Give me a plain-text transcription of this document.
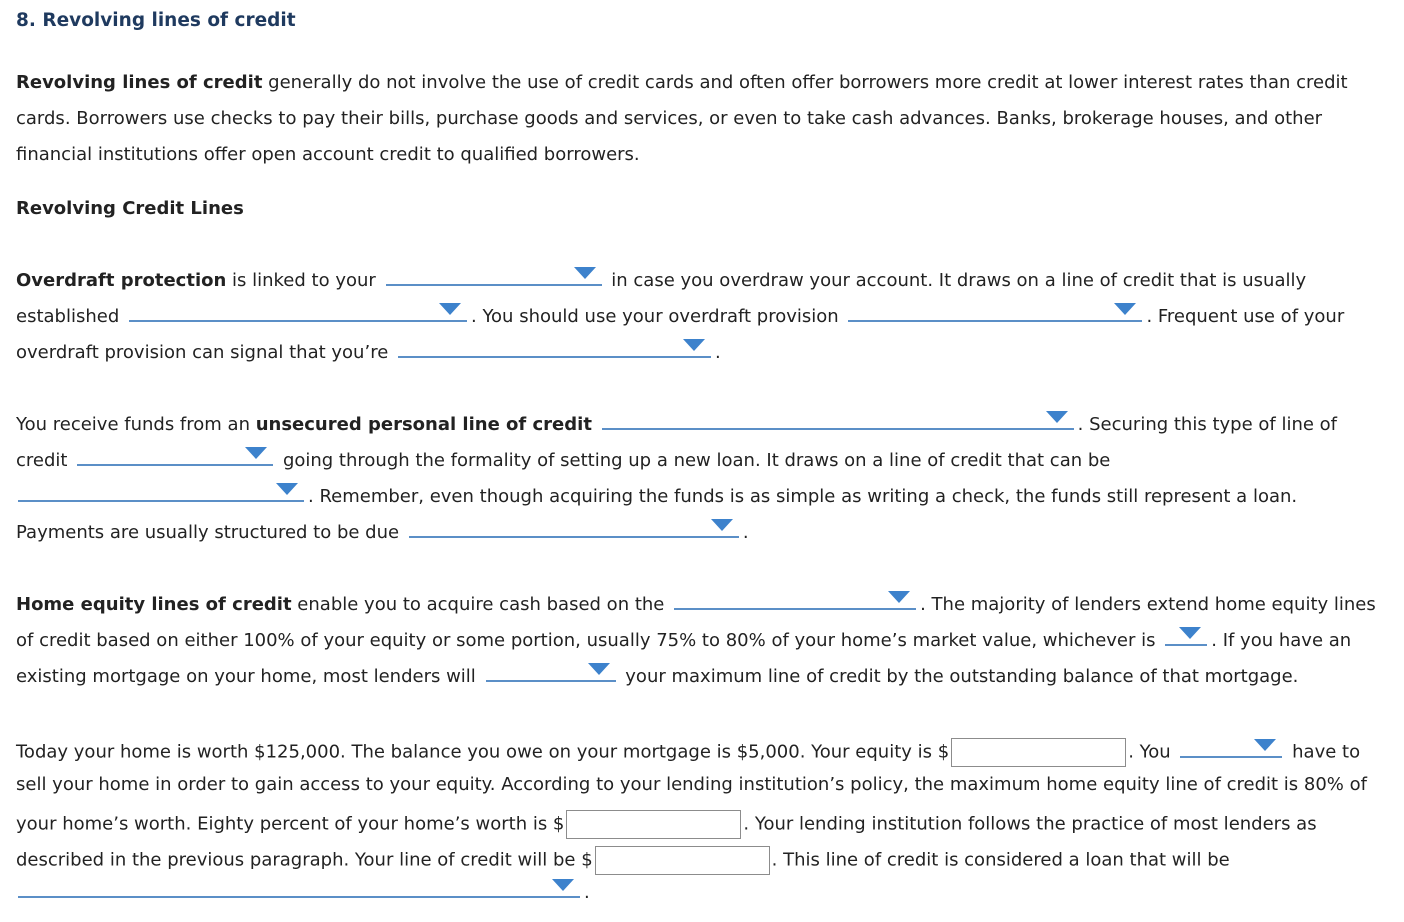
8. Revolving lines of credit
Revolving lines of credit generally do not involve the use of credit cards and often offer borrowers more credit at lower interest rates than credit
cards. Borrowers use checks to pay their bills, purchase goods and services, or even to take cash advances. Banks, brokerage houses, and other
financial institutions offer open account credit to qualified borrowers.
Revolving Credit Lines
Overdraft protection is linked to your	in case you overdraw your account. It draws on a line of credit that is usually
established	. You should use your overdraft provision	. Frequent use of your
overdraft provision can signal that you’re	.
You receive funds from an unsecured personal line of credit	. Securing this type of line of
credit	going through the formality of setting up a new loan. It draws on a line of credit that can be
. Remember, even though acquiring the funds is as simple as writing a check, the funds still represent a loan.
Payments are usually structured to be due	.
Home equity lines of credit enable you to acquire cash based on the	. The majority of lenders extend home equity lines
of credit based on either 100% of your equity or some portion, usually 75% to 80% of your home’s market value, whichever is	. If you have an
existing mortgage on your home, most lenders will	your maximum line of credit by the outstanding balance of that mortgage.
Today your home is worth $125,000. The balance you owe on your mortgage is $5,000. Your equity is $	. You	have to
sell your home in order to gain access to your equity. According to your lending institution’s policy, the maximum home equity line of credit is 80% of
your home’s worth. Eighty percent of your home’s worth is $	. Your lending institution follows the practice of most lenders as
described in the previous paragraph. Your line of credit will be $	. This line of credit is considered a loan that will be
.
